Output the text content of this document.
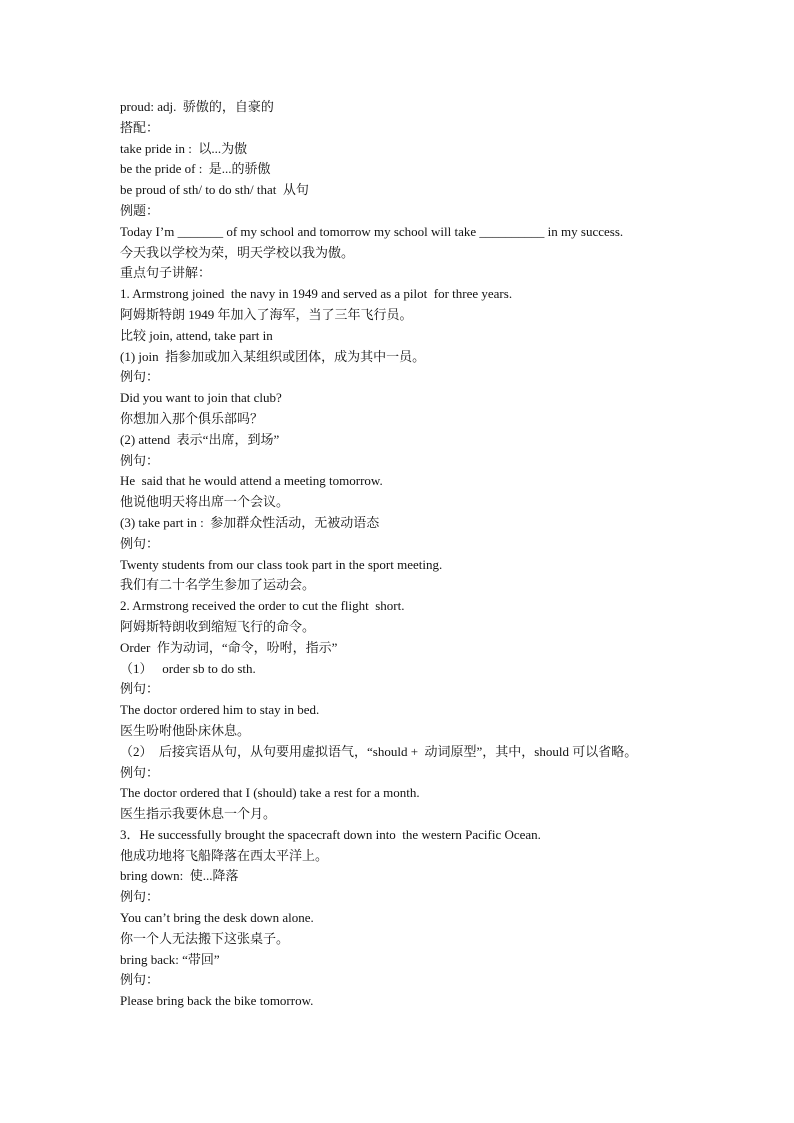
proud: adj.  骄傲的，自豪的
搭配：
take pride in :  以...为傲
be the pride of :  是...的骄傲
be proud of sth/ to do sth/ that  从句
例题：
Today I’m _______ of my school and tomorrow my school will take __________ in my success.
今天我以学校为荣，明天学校以我为傲。
重点句子讲解：
1. Armstrong joined  the navy in 1949 and served as a pilot  for three years.
阿姆斯特朗 1949 年加入了海军，当了三年飞行员。
比较 join, attend, take part in
(1) join  指参加或加入某组织或团体，成为其中一员。
例句：
Did you want to join that club?
你想加入那个俱乐部吗？
(2) attend  表示“出席，到场”
例句：
He  said that he would attend a meeting tomorrow.
他说他明天将出席一个会议。
(3) take part in :  参加群众性活动，无被动语态
例句：
Twenty students from our class took part in the sport meeting.
我们有二十名学生参加了运动会。
2. Armstrong received the order to cut the flight  short.
阿姆斯特朗收到缩短飞行的命令。
Order  作为动词，“命令，吩咐，指示”
（1）   order sb to do sth.
例句：
The doctor ordered him to stay in bed.
医生吩咐他卧床休息。
（2）  后接宾语从句，从句要用虚拟语气，“should +  动词原型”，其中，should 可以省略。
例句：
The doctor ordered that I (should) take a rest for a month.
医生指示我要休息一个月。
3．He successfully brought the spacecraft down into  the western Pacific Ocean.
他成功地将飞船降落在西太平洋上。
bring down:  使...降落
例句：
You can’t bring the desk down alone.
你一个人无法搬下这张桌子。
bring back: “带回”
例句：
Please bring back the bike tomorrow.
